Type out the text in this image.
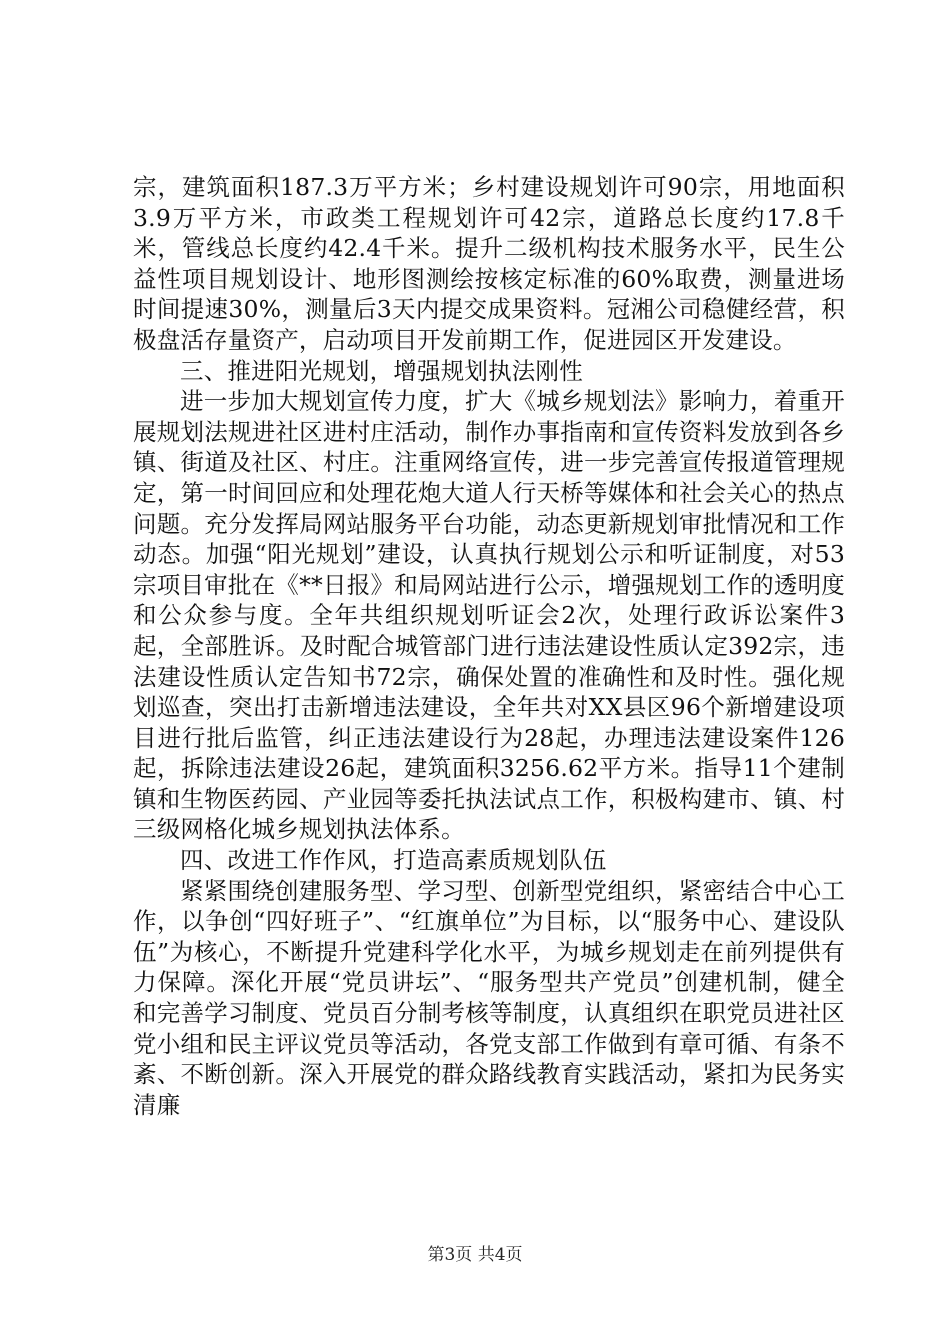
宗，建筑面积187.3万平方米；乡村建设规划许可90宗，用地面积3.9万平方米，市政类工程规划许可42宗，道路总长度约17.8千米，管线总长度约42.4千米。提升二级机构技术服务水平，民生公益性项目规划设计、地形图测绘按核定标准的60%取费，测量进场时间提速30%，测量后3天内提交成果资料。冠湘公司稳健经营，积极盘活存量资产，启动项目开发前期工作，促进园区开发建设。

三、推进阳光规划，增强规划执法刚性

进一步加大规划宣传力度，扩大《城乡规划法》影响力，着重开展规划法规进社区进村庄活动，制作办事指南和宣传资料发放到各乡镇、街道及社区、村庄。注重网络宣传，进一步完善宣传报道管理规定，第一时间回应和处理花炮大道人行天桥等媒体和社会关心的热点问题。充分发挥局网站服务平台功能，动态更新规划审批情况和工作动态。加强“阳光规划”建设，认真执行规划公示和听证制度，对53宗项目审批在《**日报》和局网站进行公示，增强规划工作的透明度和公众参与度。全年共组织规划听证会2次，处理行政诉讼案件3起，全部胜诉。及时配合城管部门进行违法建设性质认定392宗，违法建设性质认定告知书72宗，确保处置的准确性和及时性。强化规划巡查，突出打击新增违法建设，全年共对XX县区96个新增建设项目进行批后监管，纠正违法建设行为28起，办理违法建设案件126起，拆除违法建设26起，建筑面积3256.62平方米。指导11个建制镇和生物医药园、产业园等委托执法试点工作，积极构建市、镇、村三级网格化城乡规划执法体系。

四、改进工作作风，打造高素质规划队伍

紧紧围绕创建服务型、学习型、创新型党组织，紧密结合中心工作，以争创“四好班子”、“红旗单位”为目标，以“服务中心、建设队伍”为核心，不断提升党建科学化水平，为城乡规划走在前列提供有力保障。深化开展“党员讲坛”、“服务型共产党员”创建机制，健全和完善学习制度、党员百分制考核等制度，认真组织在职党员进社区党小组和民主评议党员等活动，各党支部工作做到有章可循、有条不紊、不断创新。深入开展党的群众路线教育实践活动，紧扣为民务实清廉

第3页 共4页
